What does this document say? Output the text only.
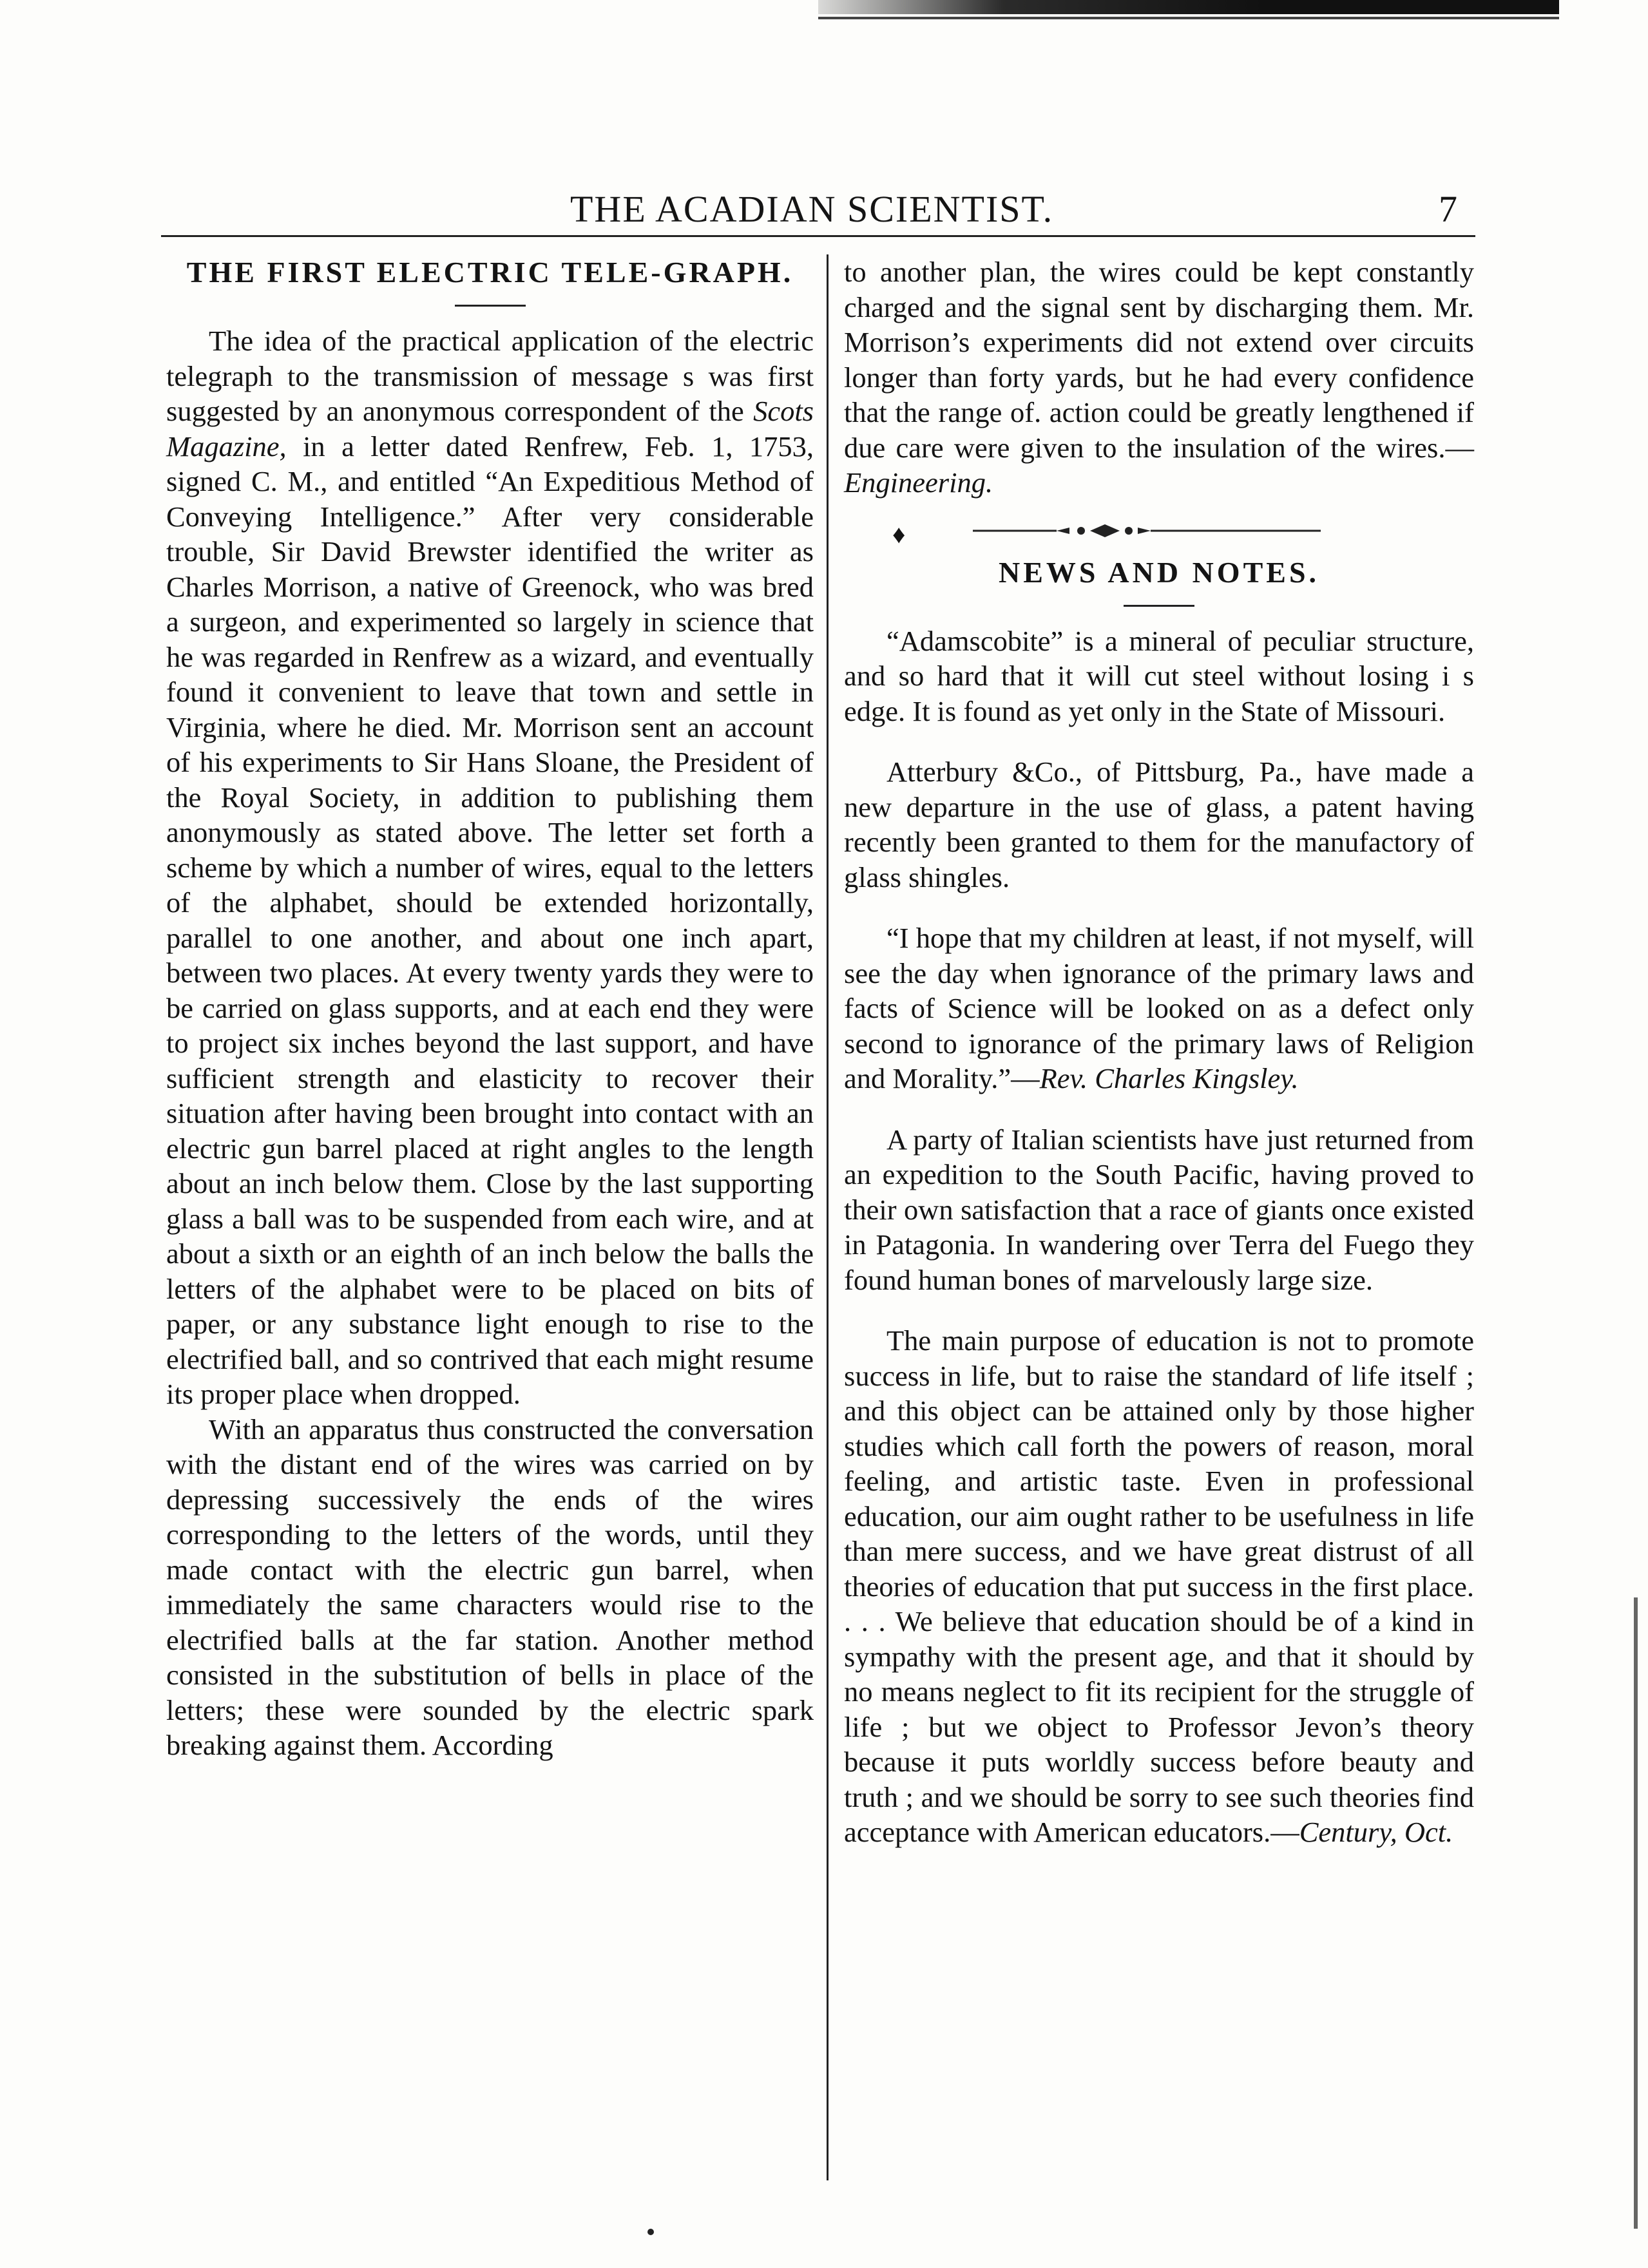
THE ACADIAN SCIENTIST.	7
THE FIRST ELECTRIC TELE-GRAPH.

The idea of the practical application of the electric telegraph to the transmission of message s was first suggested by an anonymous correspondent of the Scots Magazine, in a letter dated Renfrew, Feb. 1, 1753, signed C. M., and entitled “An Expeditious Method of Conveying Intelligence.” After very considerable trouble, Sir David Brewster identified the writer as Charles Morrison, a native of Greenock, who was bred a surgeon, and experimented so largely in science that he was regarded in Renfrew as a wizard, and eventually found it convenient to leave that town and settle in Virginia, where he died. Mr. Morrison sent an account of his experiments to Sir Hans Sloane, the President of the Royal Society, in addition to publishing them anonymously as stated above. The letter set forth a scheme by which a number of wires, equal to the letters of the alphabet, should be extended horizontally, parallel to one another, and about one inch apart, between two places. At every twenty yards they were to be carried on glass supports, and at each end they were to project six inches beyond the last support, and have sufficient strength and elasticity to recover their situation after having been brought into contact with an electric gun barrel placed at right angles to the length about an inch below them. Close by the last supporting glass a ball was to be suspended from each wire, and at about a sixth or an eighth of an inch below the balls the letters of the alphabet were to be placed on bits of paper, or any substance light enough to rise to the electrified ball, and so contrived that each might resume its proper place when dropped.

With an apparatus thus constructed the conversation with the distant end of the wires was carried on by depressing successively the ends of the wires corresponding to the letters of the words, until they made contact with the electric gun barrel, when immediately the same characters would rise to the electrified balls at the far station. Another method consisted in the substitution of bells in place of the letters; these were sounded by the electric spark breaking against them. According

to another plan, the wires could be kept constantly charged and the signal sent by discharging them. Mr. Morrison’s experiments did not extend over circuits longer than forty yards, but he had every confidence that the range of. action could be greatly lengthened if due care were given to the insulation of the wires.—Engineering.

♦
NEWS AND NOTES.

“Adamscobite” is a mineral of peculiar structure, and so hard that it will cut steel without losing i s edge. It is found as yet only in the State of Missouri.

Atterbury &Co., of Pittsburg, Pa., have made a new departure in the use of glass, a patent having recently been granted to them for the manufactory of glass shingles.

“I hope that my children at least, if not myself, will see the day when ignorance of the primary laws and facts of Science will be looked on as a defect only second to ignorance of the primary laws of Religion and Morality.”—Rev. Charles Kingsley.

A party of Italian scientists have just returned from an expedition to the South Pacific, having proved to their own satisfaction that a race of giants once existed in Patagonia. In wandering over Terra del Fuego they found human bones of marvelously large size.

The main purpose of education is not to promote success in life, but to raise the standard of life itself ; and this object can be attained only by those higher studies which call forth the powers of reason, moral feeling, and artistic taste. Even in professional education, our aim ought rather to be usefulness in life than mere success, and we have great distrust of all theories of education that put success in the first place. . . . We believe that education should be of a kind in sympathy with the present age, and that it should by no means neglect to fit its recipient for the struggle of life ; but we object to Professor Jevon’s theory because it puts worldly success before beauty and truth ; and we should be sorry to see such theories find acceptance with American educators.—Century, Oct.
